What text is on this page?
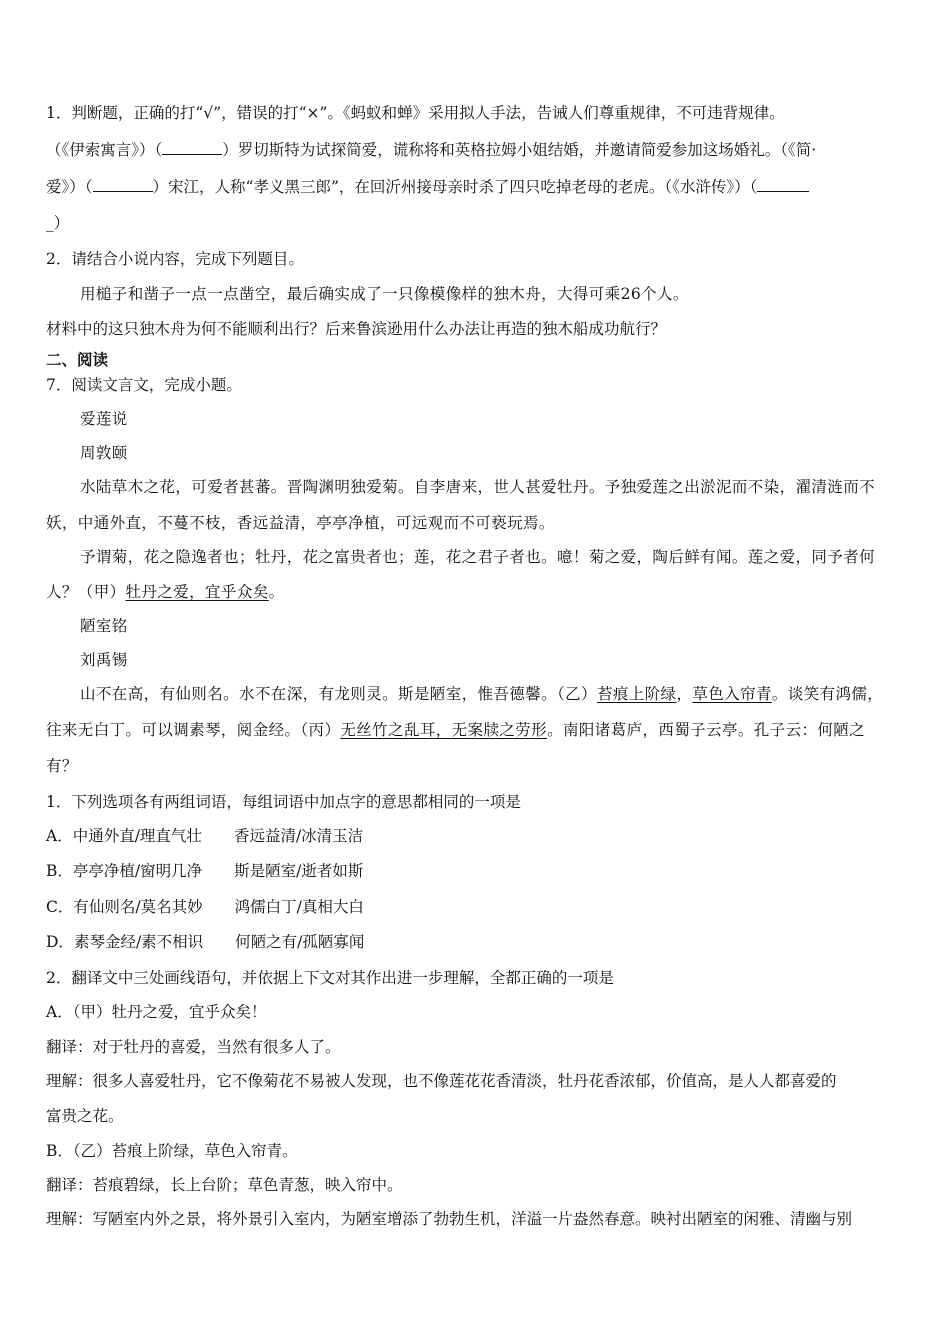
1．判断题，正确的打“√”，错误的打“×”。《蚂蚁和蝉》采用拟人手法，告诫人们尊重规律，不可违背规律。
（《伊索寓言》）（	）罗切斯特为试探简爱，谎称将和英格拉姆小姐结婚，并邀请简爱参加这场婚礼。（《简·
爱》）（	）宋江，人称“孝义黑三郎”，在回沂州接母亲时杀了四只吃掉老母的老虎。（《水浒传》）（
_）
2．请结合小说内容，完成下列题目。
用槌子和凿子一点一点凿空，最后确实成了一只像模像样的独木舟，大得可乘26个人。
材料中的这只独木舟为何不能顺利出行？后来鲁滨逊用什么办法让再造的独木船成功航行？
二、阅读
7．阅读文言文，完成小题。
爱莲说
周敦颐
水陆草木之花，可爱者甚蕃。晋陶渊明独爱菊。自李唐来，世人甚爱牡丹。予独爱莲之出淤泥而不染，濯清涟而不
妖，中通外直，不蔓不枝，香远益清，亭亭净植，可远观而不可亵玩焉。
予谓菊，花之隐逸者也；牡丹，花之富贵者也；莲，花之君子者也。噫！菊之爱，陶后鲜有闻。莲之爱，同予者何
人？（甲）牡丹之爱，宜乎众矣。
陋室铭
刘禹锡
山不在高，有仙则名。水不在深，有龙则灵。斯是陋室，惟吾德馨。（乙）苔痕上阶绿，草色入帘青。谈笑有鸿儒，
往来无白丁。可以调素琴，阅金经。（丙）无丝竹之乱耳，无案牍之劳形。南阳诸葛庐，西蜀子云亭。孔子云：何陋之
有？
1．下列选项各有两组词语，每组词语中加点字的意思都相同的一项是
A．中通外直/理直气壮 香远益清/冰清玉洁
B．亭亭净植/窗明几净 斯是陋室/逝者如斯
C．有仙则名/莫名其妙 鸿儒白丁/真相大白
D．素琴金经/素不相识 何陋之有/孤陋寡闻
2．翻译文中三处画线语句，并依据上下文对其作出进一步理解，全都正确的一项是
A．（甲）牡丹之爱，宜乎众矣！
翻译：对于牡丹的喜爱，当然有很多人了。
理解：很多人喜爱牡丹，它不像菊花不易被人发现，也不像莲花花香清淡，牡丹花香浓郁，价值高，是人人都喜爱的
富贵之花。
B．（乙）苔痕上阶绿，草色入帘青。
翻译：苔痕碧绿，长上台阶；草色青葱，映入帘中。
理解：写陋室内外之景，将外景引入室内，为陋室增添了勃勃生机，洋溢一片盎然春意。映衬出陋室的闲雅、清幽与别
